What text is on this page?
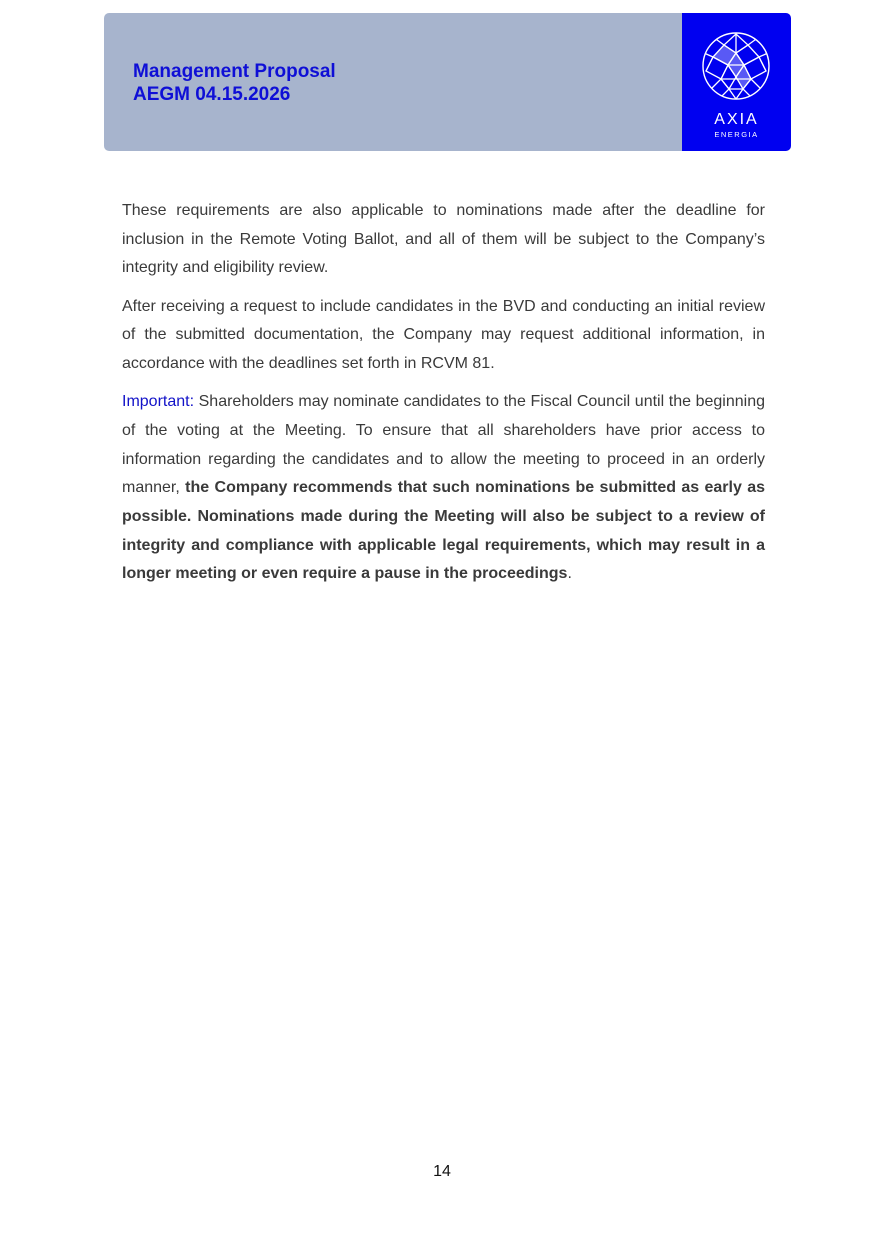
Management Proposal
AEGM 04.15.2026
AXIA
ENERGIA

These requirements are also applicable to nominations made after the deadline for inclusion in the Remote Voting Ballot, and all of them will be subject to the Company’s integrity and eligibility review.

After receiving a request to include candidates in the BVD and conducting an initial review of the submitted documentation, the Company may request additional information, in accordance with the deadlines set forth in RCVM 81.

Important: Shareholders may nominate candidates to the Fiscal Council until the beginning of the voting at the Meeting. To ensure that all shareholders have prior access to information regarding the candidates and to allow the meeting to proceed in an orderly manner, the Company recommends that such nominations be submitted as early as possible. Nominations made during the Meeting will also be subject to a review of integrity and compliance with applicable legal requirements, which may result in a longer meeting or even require a pause in the proceedings.

14
